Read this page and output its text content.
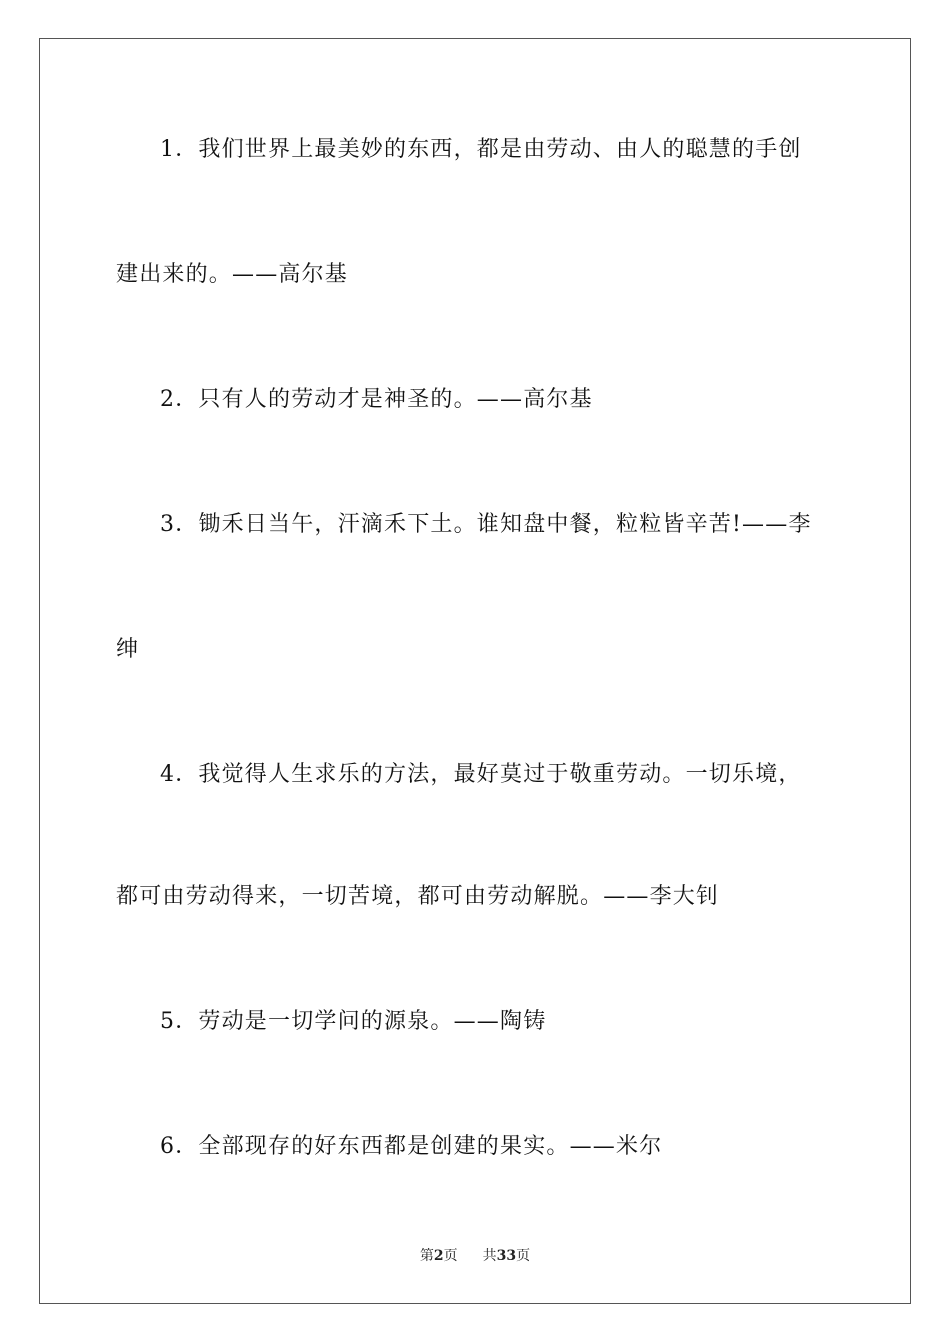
1．我们世界上最美妙的东西，都是由劳动、由人的聪慧的手创
建出来的。——高尔基
2．只有人的劳动才是神圣的。——高尔基
3．锄禾日当午，汗滴禾下土。谁知盘中餐，粒粒皆辛苦!——李
绅
4．我觉得人生求乐的方法，最好莫过于敬重劳动。一切乐境，
都可由劳动得来，一切苦境，都可由劳动解脱。——李大钊
5．劳动是一切学问的源泉。——陶铸
6．全部现存的好东西都是创建的果实。——米尔
第2页 共33页
